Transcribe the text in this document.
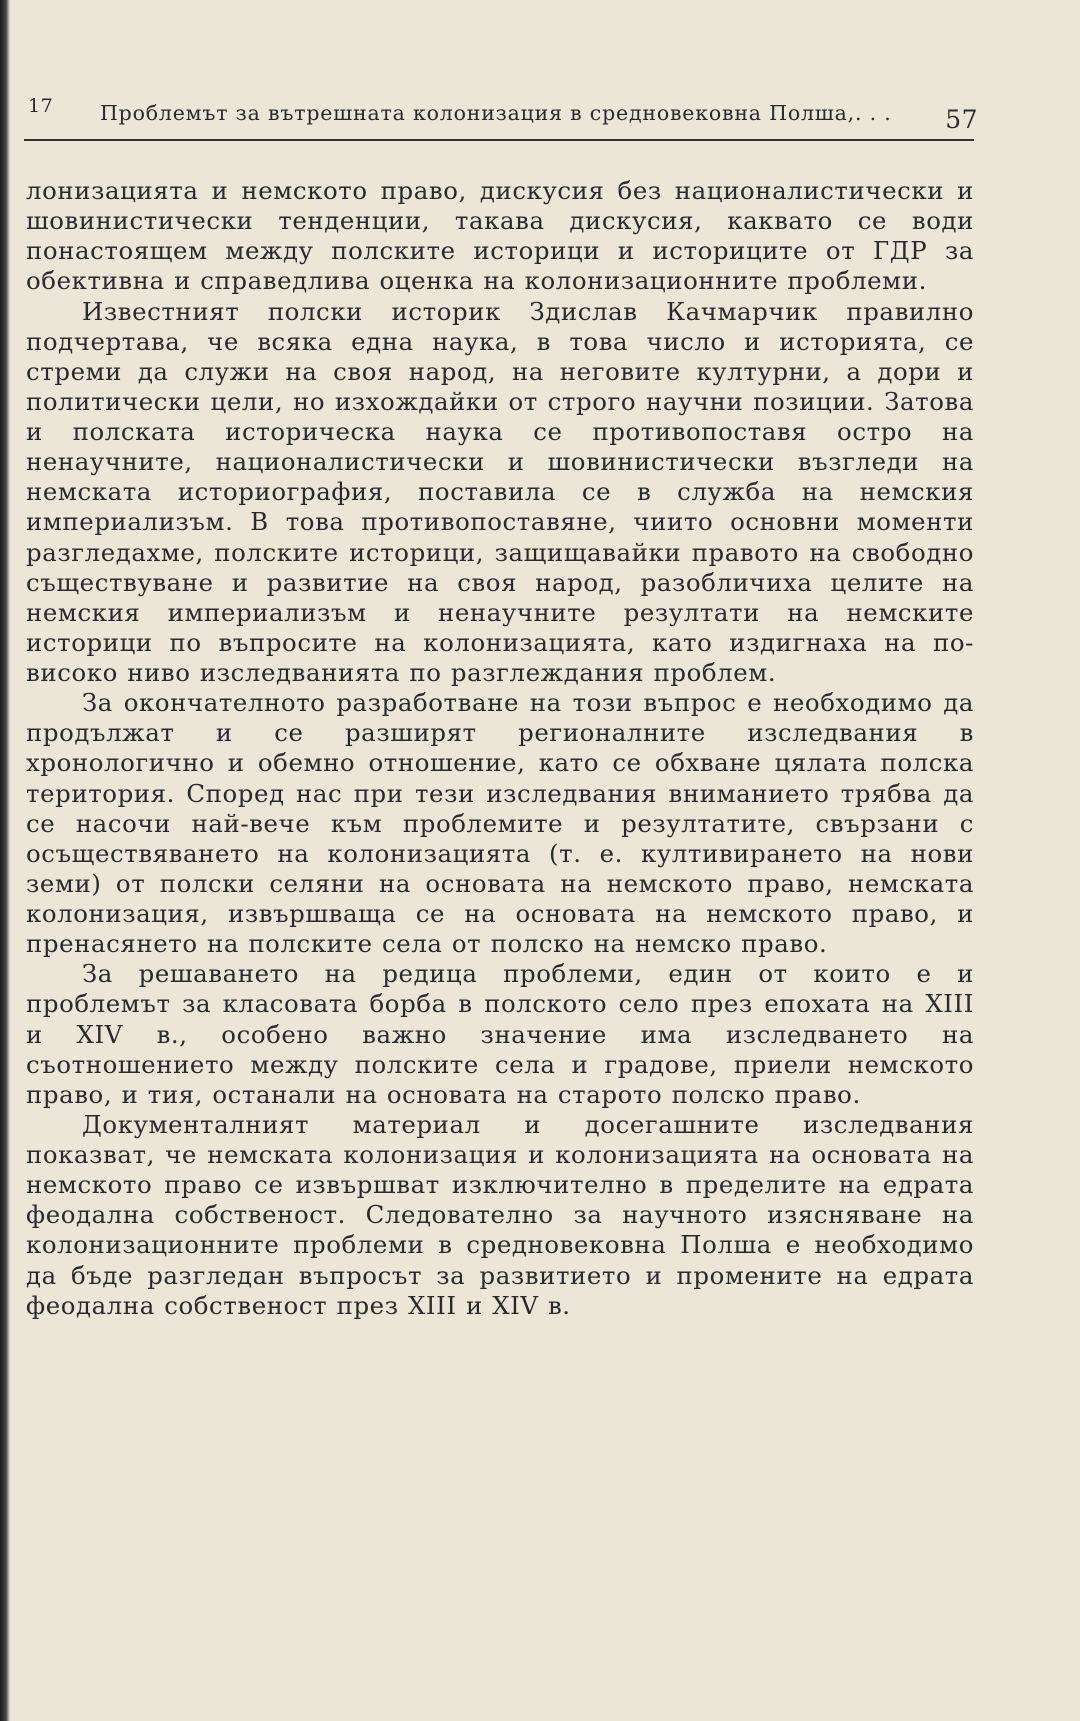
17 Проблемът за вътрешната колонизация в средновековна Полша,. . . 57

лонизацията и немското право, дискусия без националистически и шовинистически тенденции, такава дискусия, каквато се води понастоящем между полските историци и историците от ГДР за обективна и справедлива оценка на колонизационните проблеми.

Известният полски историк Здислав Качмарчик правилно подчертава, че всяка една наука, в това число и историята, се стреми да служи на своя народ, на неговите културни, а дори и политически цели, но изхождайки от строго научни позиции. Затова и полската историческа наука се противопоставя остро на ненаучните, националистически и шовинистически възгледи на немската историография, поставила се в служба на немския империализъм. В това противопоставяне, чиито основни моменти разгледахме, полските историци, защищавайки правото на свободно съществуване и развитие на своя народ, разобличиха целите на немския империализъм и ненаучните резултати на немските историци по въпросите на колонизацията, като издигнаха на по-високо ниво изследванията по разглеждания проблем.

За окончателното разработване на този въпрос е необходимо да продължат и се разширят регионалните изследвания в хронологично и обемно отношение, като се обхване цялата полска територия. Според нас при тези изследвания вниманието трябва да се насочи най-вече към проблемите и резултатите, свързани с осъществяването на колонизацията (т. е. култивирането на нови земи) от полски селяни на основата на немското право, немската колонизация, извършваща се на основата на немското право, и пренасянето на полските села от полско на немско право.

За решаването на редица проблеми, един от които е и проблемът за класовата борба в полското село през епохата на XIII и XIV в., особено важно значение има изследването на съотношението между полските села и градове, приели немското право, и тия, останали на основата на старото полско право.

Документалният материал и досегашните изследвания показват, че немската колонизация и колонизацията на основата на немското право се извършват изключително в пределите на едрата феодална собственост. Следователно за научното изясняване на колонизационните проблеми в средновековна Полша е необходимо да бъде разгледан въпросът за развитието и промените на едрата феодална собственост през XIII и XIV в.
